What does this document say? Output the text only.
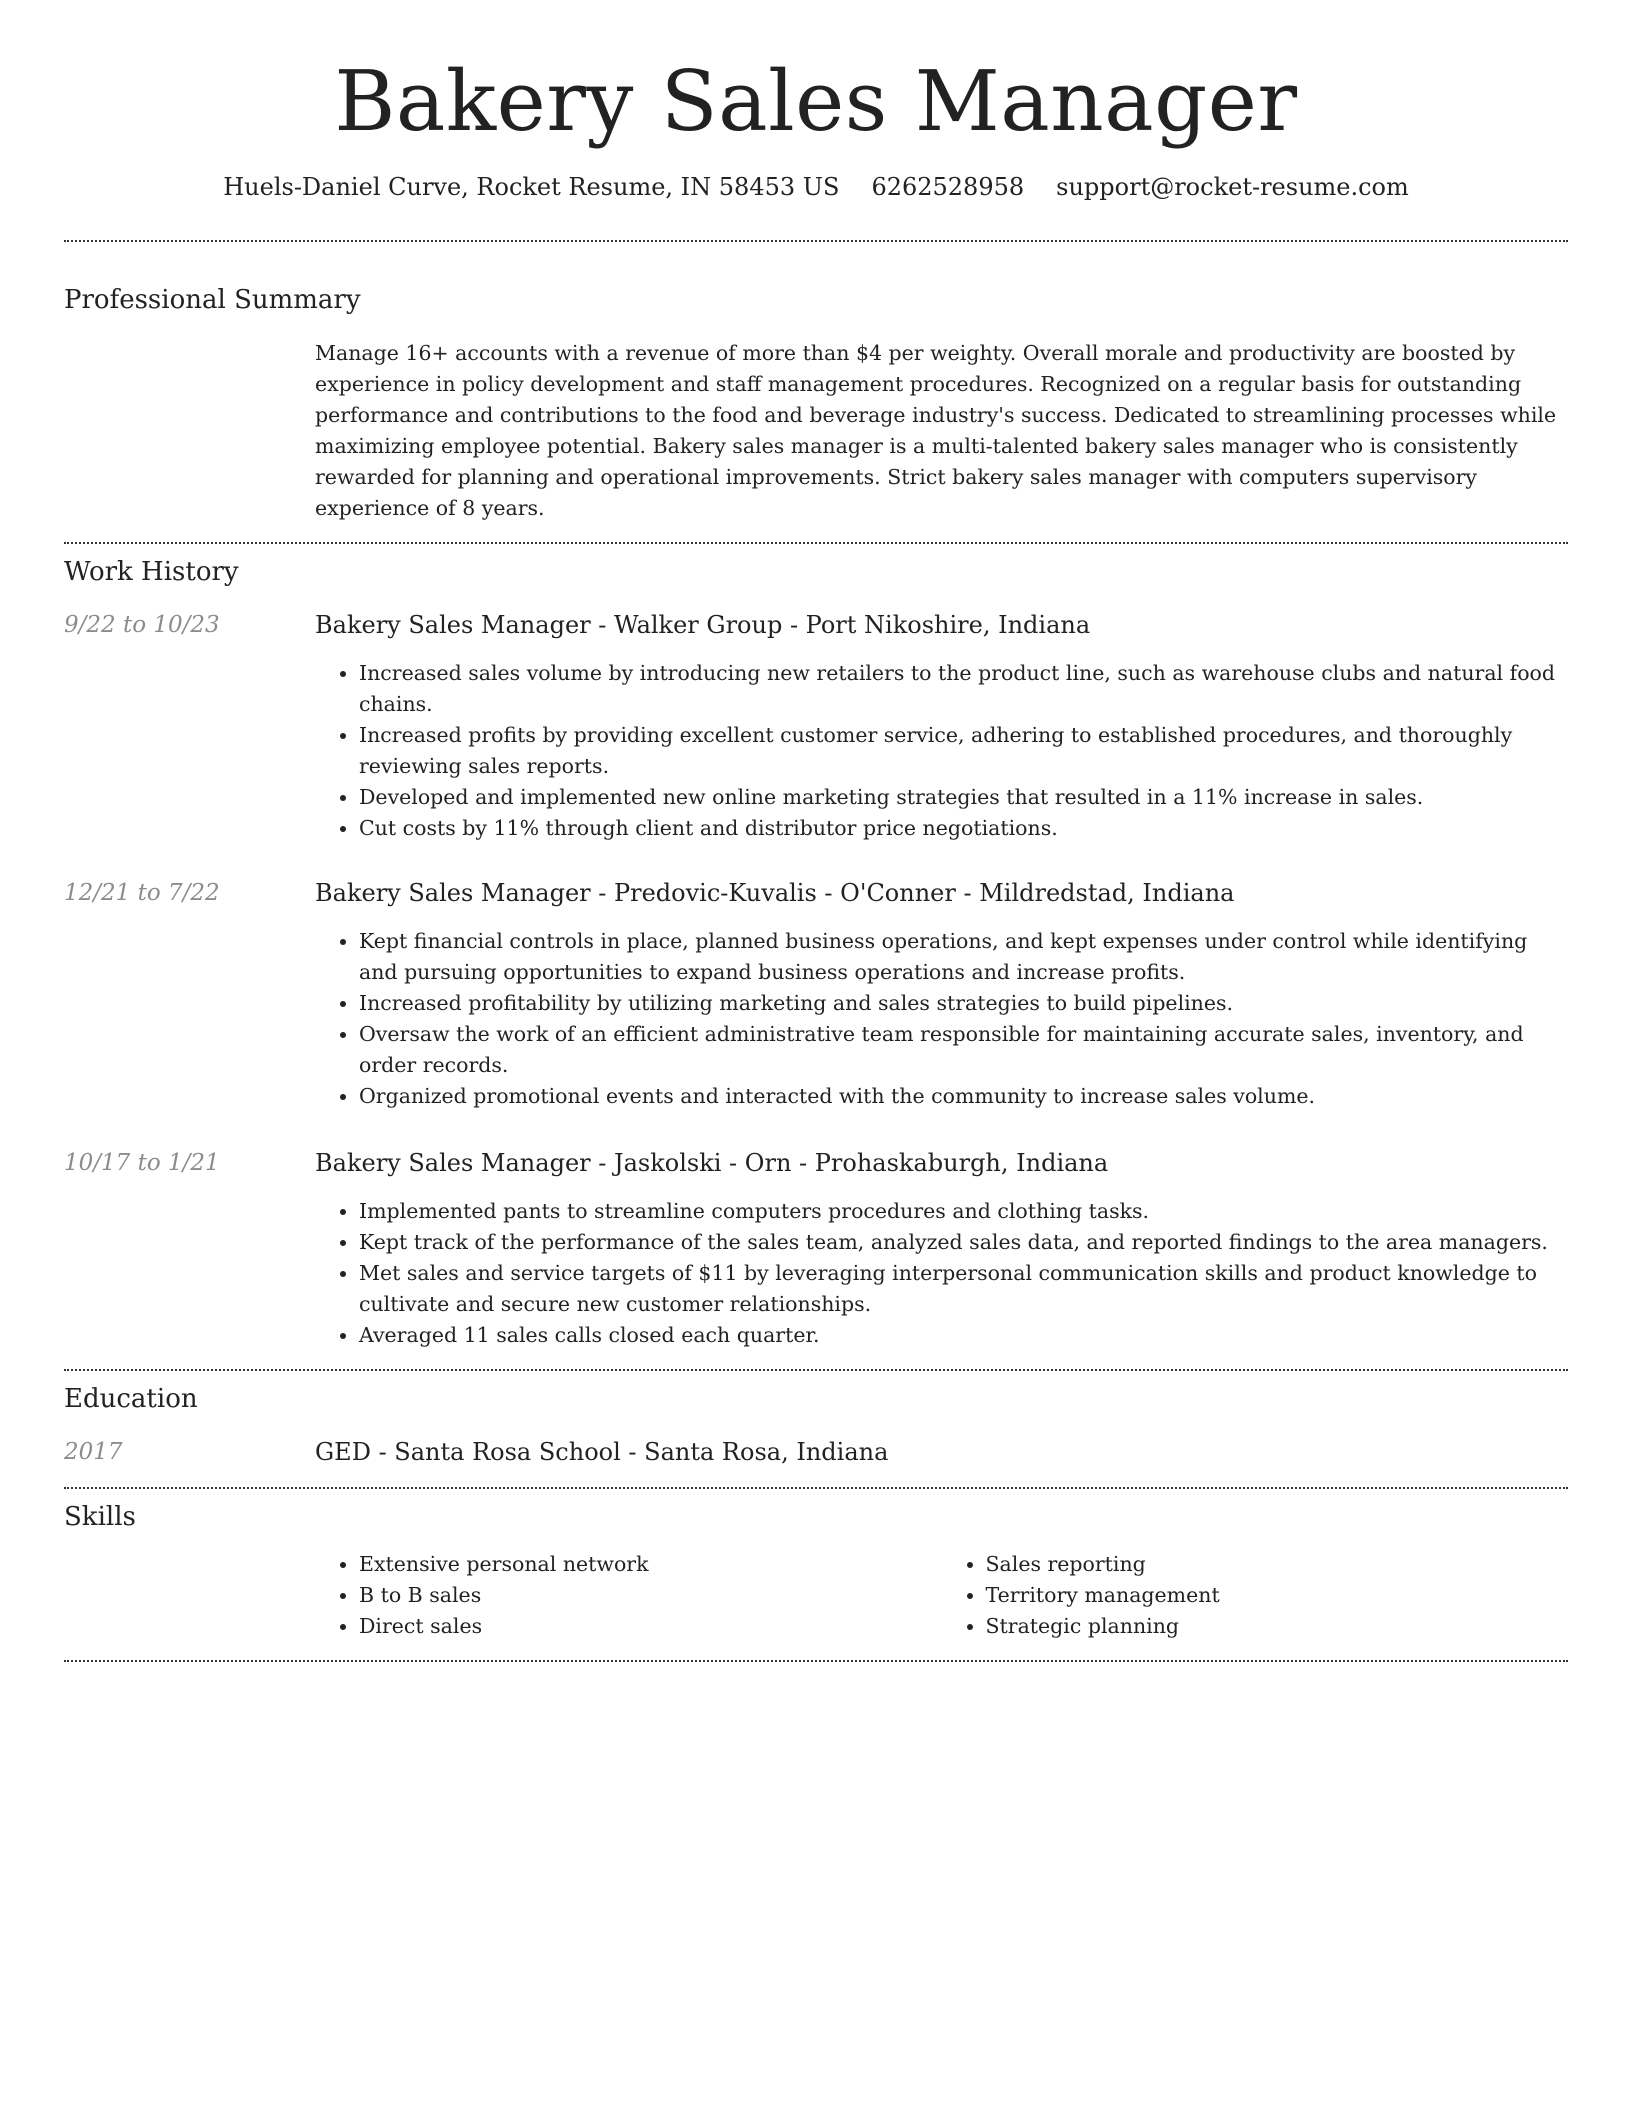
Bakery Sales Manager
Huels-Daniel Curve, Rocket Resume, IN 58453 US 6262528958 support@rocket-resume.com
Professional Summary

Manage 16+ accounts with a revenue of more than $4 per weighty. Overall morale and productivity are boosted by experience in policy development and staff management procedures. Recognized on a regular basis for outstanding performance and contributions to the food and beverage industry's success. Dedicated to streamlining processes while maximizing employee potential. Bakery sales manager is a multi-talented bakery sales manager who is consistently rewarded for planning and operational improvements. Strict bakery sales manager with computers supervisory experience of 8 years.

Work History
9/22 to 10/23	Bakery Sales Manager - Walker Group - Port Nikoshire, Indiana

• Increased sales volume by introducing new retailers to the product line, such as warehouse clubs and natural food chains.
• Increased profits by providing excellent customer service, adhering to established procedures, and thoroughly reviewing sales reports.
• Developed and implemented new online marketing strategies that resulted in a 11% increase in sales.
• Cut costs by 11% through client and distributor price negotiations.
12/21 to 7/22	Bakery Sales Manager - Predovic-Kuvalis - O'Conner - Mildredstad, Indiana

• Kept financial controls in place, planned business operations, and kept expenses under control while identifying and pursuing opportunities to expand business operations and increase profits.
• Increased profitability by utilizing marketing and sales strategies to build pipelines.
• Oversaw the work of an efficient administrative team responsible for maintaining accurate sales, inventory, and order records.
• Organized promotional events and interacted with the community to increase sales volume.
10/17 to 1/21	Bakery Sales Manager - Jaskolski - Orn - Prohaskaburgh, Indiana

• Implemented pants to streamline computers procedures and clothing tasks.
• Kept track of the performance of the sales team, analyzed sales data, and reported findings to the area managers.
• Met sales and service targets of $11 by leveraging interpersonal communication skills and product knowledge to cultivate and secure new customer relationships.
• Averaged 11 sales calls closed each quarter.
Education
2017	GED - Santa Rosa School - Santa Rosa, Indiana

Skills
• Extensive personal network
• B to B sales
• Direct sales
• Sales reporting
• Territory management
• Strategic planning
